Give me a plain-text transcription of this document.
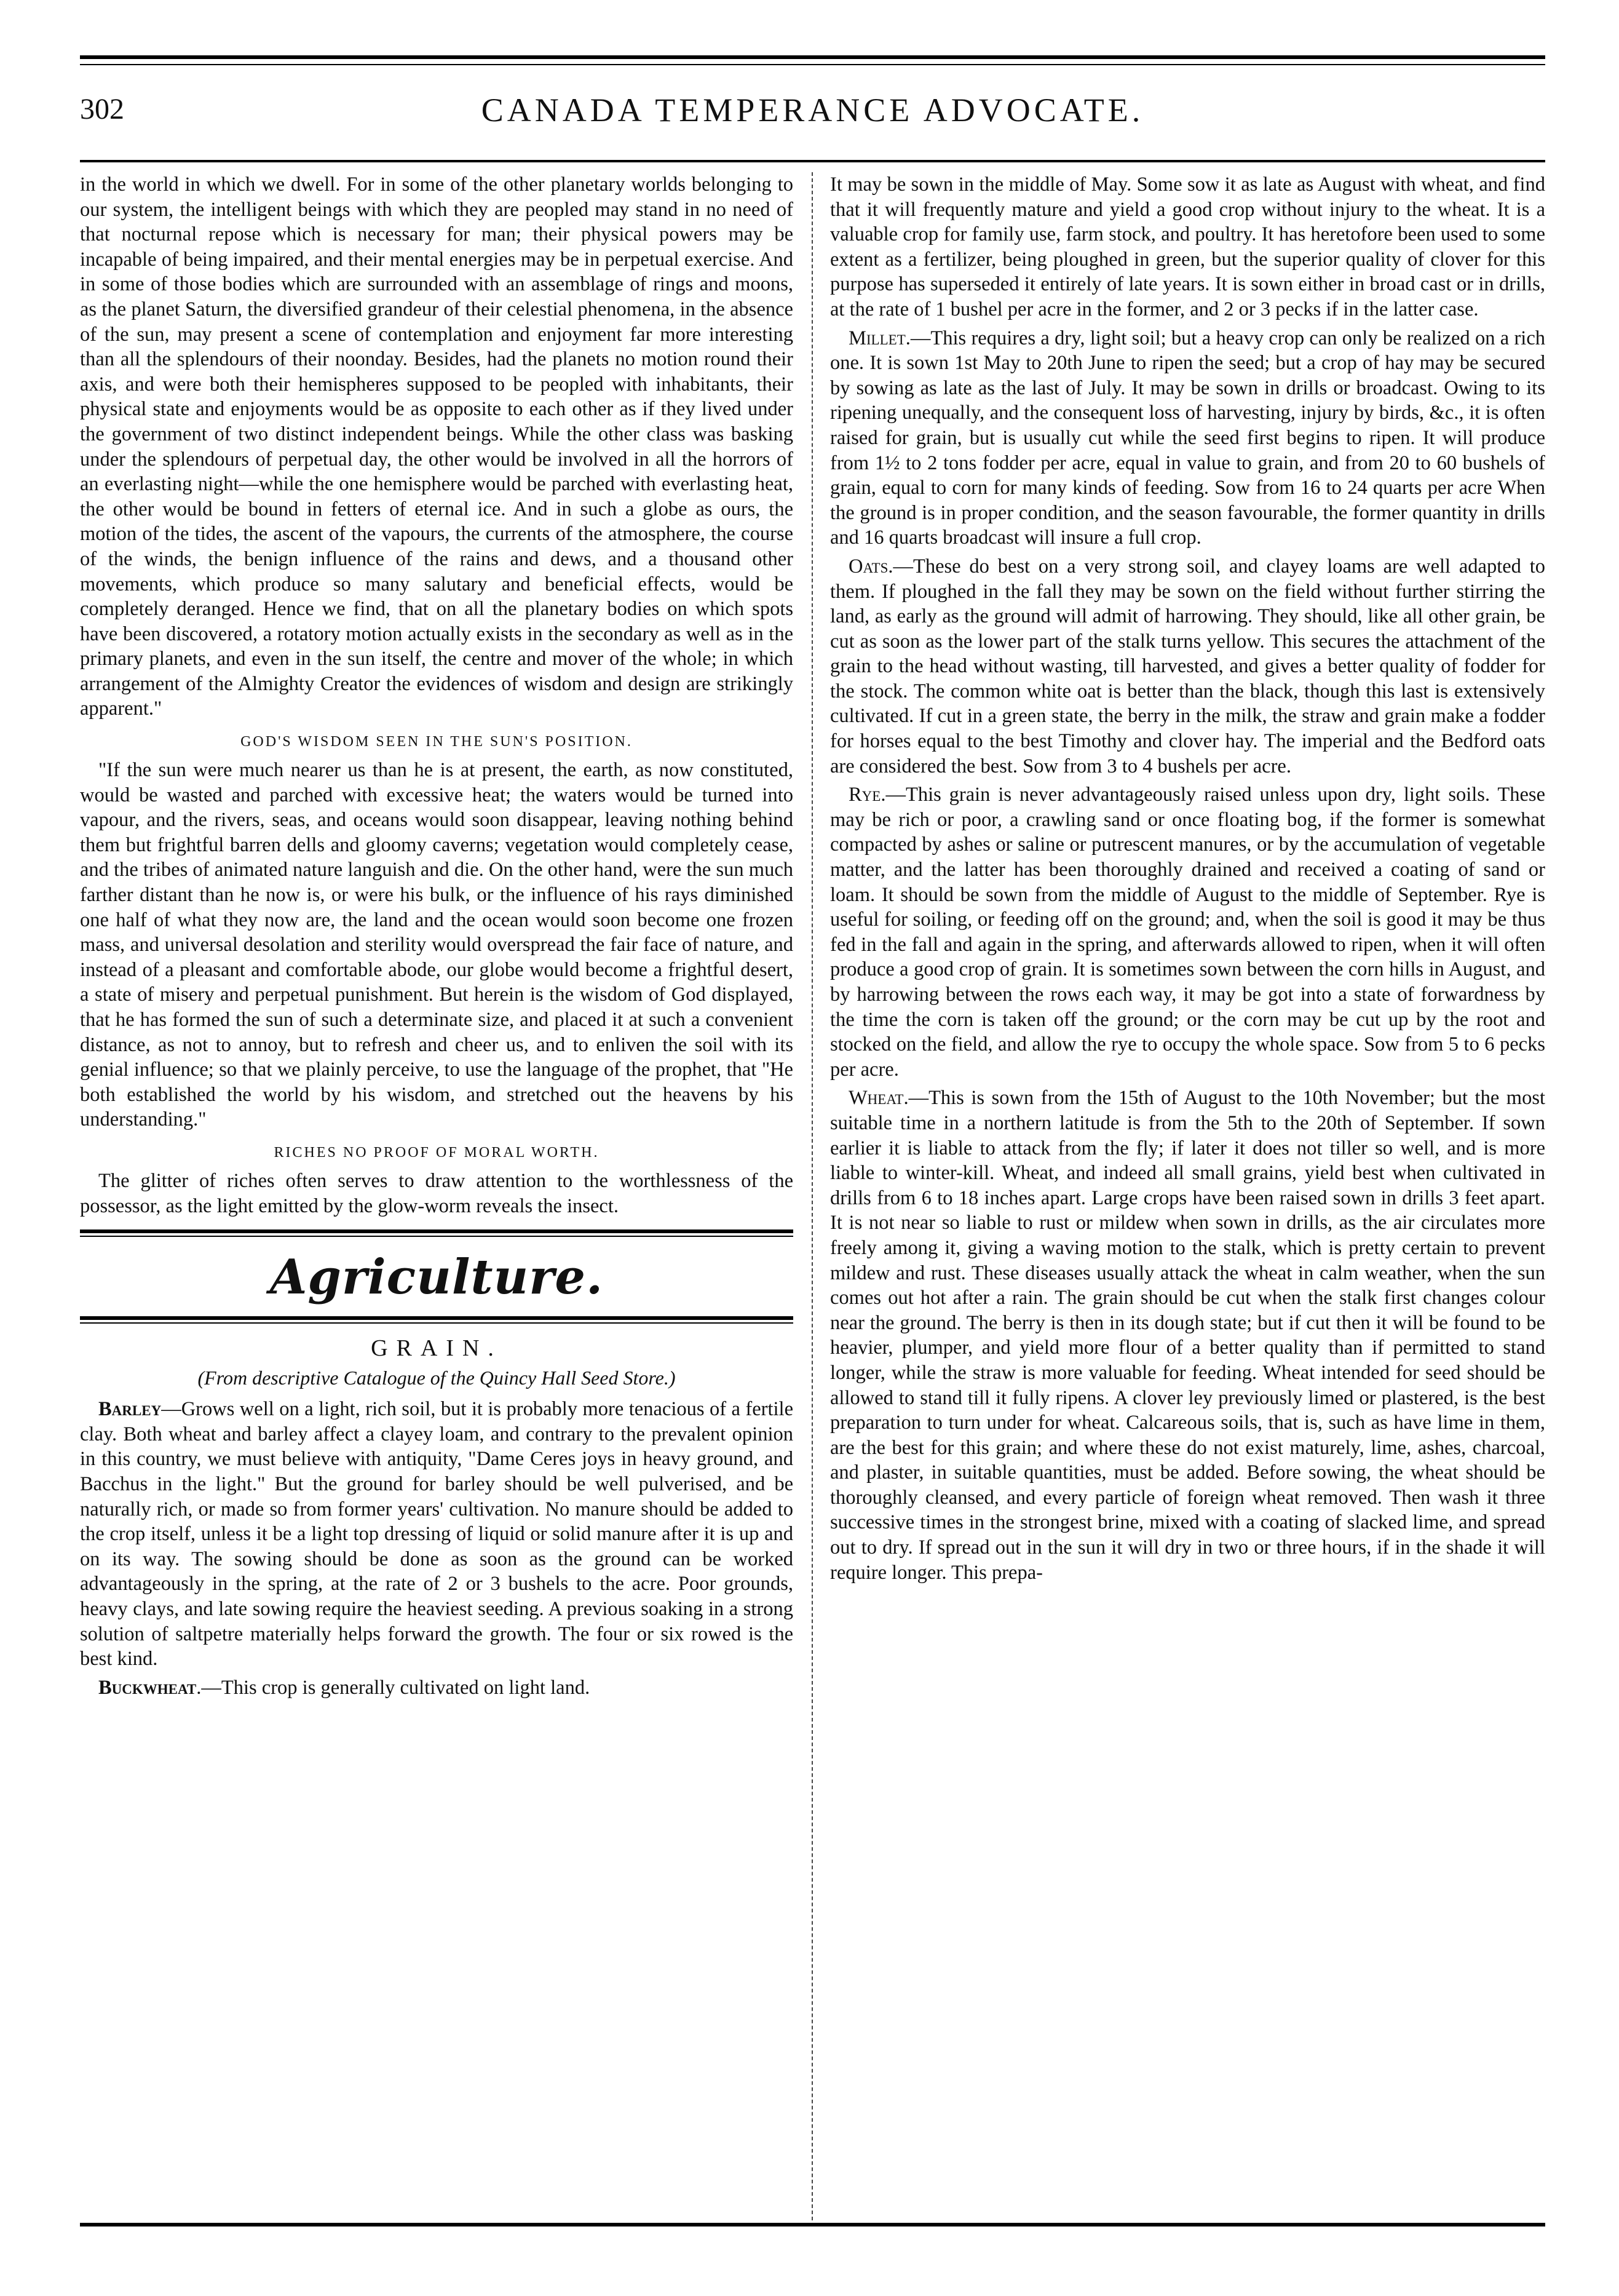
302	CANADA TEMPERANCE ADVOCATE.

in the world in which we dwell. For in some of the other planetary worlds belonging to our system, the intelligent beings with which they are peopled may stand in no need of that nocturnal repose which is necessary for man; their physical powers may be incapable of being impaired, and their mental energies may be in perpetual exercise. And in some of those bodies which are surrounded with an assemblage of rings and moons, as the planet Saturn, the diversified grandeur of their celestial phenomena, in the absence of the sun, may present a scene of contemplation and enjoyment far more interesting than all the splendours of their noonday. Besides, had the planets no motion round their axis, and were both their hemispheres supposed to be peopled with inhabitants, their physical state and enjoyments would be as opposite to each other as if they lived under the government of two distinct independent beings. While the other class was basking under the splendours of perpetual day, the other would be involved in all the horrors of an everlasting night—while the one hemisphere would be parched with everlasting heat, the other would be bound in fetters of eternal ice. And in such a globe as ours, the motion of the tides, the ascent of the vapours, the currents of the atmosphere, the course of the winds, the benign influence of the rains and dews, and a thousand other movements, which produce so many salutary and beneficial effects, would be completely deranged. Hence we find, that on all the planetary bodies on which spots have been discovered, a rotatory motion actually exists in the secondary as well as in the primary planets, and even in the sun itself, the centre and mover of the whole; in which arrangement of the Almighty Creator the evidences of wisdom and design are strikingly apparent."

GOD'S WISDOM SEEN IN THE SUN'S POSITION.

"If the sun were much nearer us than he is at present, the earth, as now constituted, would be wasted and parched with excessive heat; the waters would be turned into vapour, and the rivers, seas, and oceans would soon disappear, leaving nothing behind them but frightful barren dells and gloomy caverns; vegetation would completely cease, and the tribes of animated nature languish and die. On the other hand, were the sun much farther distant than he now is, or were his bulk, or the influence of his rays diminished one half of what they now are, the land and the ocean would soon become one frozen mass, and universal desolation and sterility would overspread the fair face of nature, and instead of a pleasant and comfortable abode, our globe would become a frightful desert, a state of misery and perpetual punishment. But herein is the wisdom of God displayed, that he has formed the sun of such a determinate size, and placed it at such a convenient distance, as not to annoy, but to refresh and cheer us, and to enliven the soil with its genial influence; so that we plainly perceive, to use the language of the prophet, that "He both established the world by his wisdom, and stretched out the heavens by his understanding."

RICHES NO PROOF OF MORAL WORTH.

The glitter of riches often serves to draw attention to the worthlessness of the possessor, as the light emitted by the glow-worm reveals the insect.

Agriculture.
GRAIN.
(From descriptive Catalogue of the Quincy Hall Seed Store.)

Barley—Grows well on a light, rich soil, but it is probably more tenacious of a fertile clay. Both wheat and barley affect a clayey loam, and contrary to the prevalent opinion in this country, we must believe with antiquity, "Dame Ceres joys in heavy ground, and Bacchus in the light." But the ground for barley should be well pulverised, and be naturally rich, or made so from former years' cultivation. No manure should be added to the crop itself, unless it be a light top dressing of liquid or solid manure after it is up and on its way. The sowing should be done as soon as the ground can be worked advantageously in the spring, at the rate of 2 or 3 bushels to the acre. Poor grounds, heavy clays, and late sowing require the heaviest seeding. A previous soaking in a strong solution of saltpetre materially helps forward the growth. The four or six rowed is the best kind.

Buckwheat.—This crop is generally cultivated on light land.

It may be sown in the middle of May. Some sow it as late as August with wheat, and find that it will frequently mature and yield a good crop without injury to the wheat. It is a valuable crop for family use, farm stock, and poultry. It has heretofore been used to some extent as a fertilizer, being ploughed in green, but the superior quality of clover for this purpose has superseded it entirely of late years. It is sown either in broad cast or in drills, at the rate of 1 bushel per acre in the former, and 2 or 3 pecks if in the latter case.

Millet.—This requires a dry, light soil; but a heavy crop can only be realized on a rich one. It is sown 1st May to 20th June to ripen the seed; but a crop of hay may be secured by sowing as late as the last of July. It may be sown in drills or broadcast. Owing to its ripening unequally, and the consequent loss of harvesting, injury by birds, &c., it is often raised for grain, but is usually cut while the seed first begins to ripen. It will produce from 1½ to 2 tons fodder per acre, equal in value to grain, and from 20 to 60 bushels of grain, equal to corn for many kinds of feeding. Sow from 16 to 24 quarts per acre When the ground is in proper condition, and the season favourable, the former quantity in drills and 16 quarts broadcast will insure a full crop.

Oats.—These do best on a very strong soil, and clayey loams are well adapted to them. If ploughed in the fall they may be sown on the field without further stirring the land, as early as the ground will admit of harrowing. They should, like all other grain, be cut as soon as the lower part of the stalk turns yellow. This secures the attachment of the grain to the head without wasting, till harvested, and gives a better quality of fodder for the stock. The common white oat is better than the black, though this last is extensively cultivated. If cut in a green state, the berry in the milk, the straw and grain make a fodder for horses equal to the best Timothy and clover hay. The imperial and the Bedford oats are considered the best. Sow from 3 to 4 bushels per acre.

Rye.—This grain is never advantageously raised unless upon dry, light soils. These may be rich or poor, a crawling sand or once floating bog, if the former is somewhat compacted by ashes or saline or putrescent manures, or by the accumulation of vegetable matter, and the latter has been thoroughly drained and received a coating of sand or loam. It should be sown from the middle of August to the middle of September. Rye is useful for soiling, or feeding off on the ground; and, when the soil is good it may be thus fed in the fall and again in the spring, and afterwards allowed to ripen, when it will often produce a good crop of grain. It is sometimes sown between the corn hills in August, and by harrowing between the rows each way, it may be got into a state of forwardness by the time the corn is taken off the ground; or the corn may be cut up by the root and stocked on the field, and allow the rye to occupy the whole space. Sow from 5 to 6 pecks per acre.

Wheat.—This is sown from the 15th of August to the 10th November; but the most suitable time in a northern latitude is from the 5th to the 20th of September. If sown earlier it is liable to attack from the fly; if later it does not tiller so well, and is more liable to winter-kill. Wheat, and indeed all small grains, yield best when cultivated in drills from 6 to 18 inches apart. Large crops have been raised sown in drills 3 feet apart. It is not near so liable to rust or mildew when sown in drills, as the air circulates more freely among it, giving a waving motion to the stalk, which is pretty certain to prevent mildew and rust. These diseases usually attack the wheat in calm weather, when the sun comes out hot after a rain. The grain should be cut when the stalk first changes colour near the ground. The berry is then in its dough state; but if cut then it will be found to be heavier, plumper, and yield more flour of a better quality than if permitted to stand longer, while the straw is more valuable for feeding. Wheat intended for seed should be allowed to stand till it fully ripens. A clover ley previously limed or plastered, is the best preparation to turn under for wheat. Calcareous soils, that is, such as have lime in them, are the best for this grain; and where these do not exist maturely, lime, ashes, charcoal, and plaster, in suitable quantities, must be added. Before sowing, the wheat should be thoroughly cleansed, and every particle of foreign wheat removed. Then wash it three successive times in the strongest brine, mixed with a coating of slacked lime, and spread out to dry. If spread out in the sun it will dry in two or three hours, if in the shade it will require longer. This prepa-
